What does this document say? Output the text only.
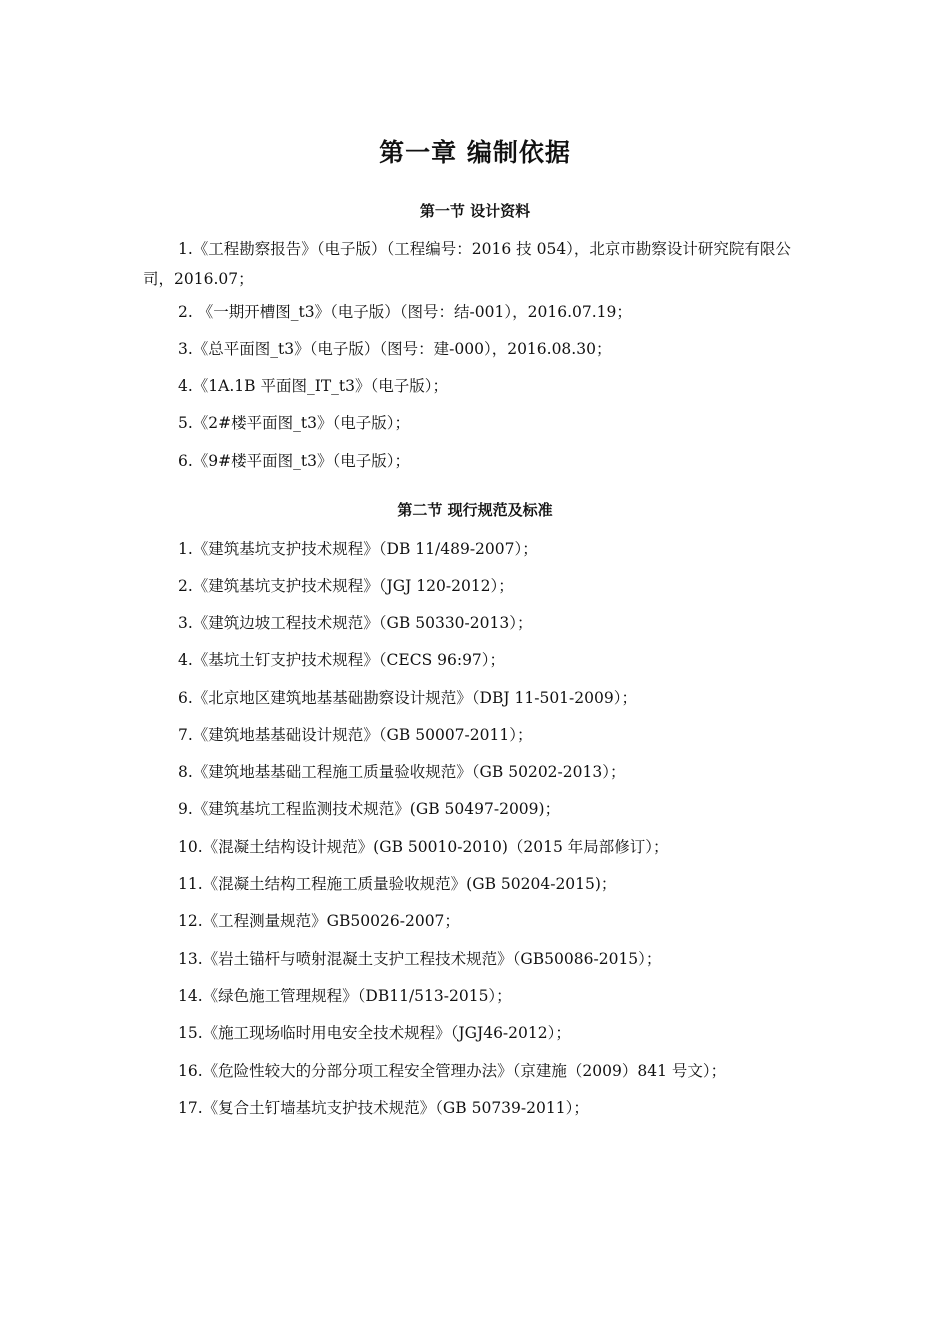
第一章 编制依据
第一节 设计资料

1.《工程勘察报告》（电子版）（工程编号：2016 技 054），北京市勘察设计研究院有限公司，2016.07；

2. 《一期开槽图_t3》（电子版）（图号：结-001），2016.07.19；

3.《总平面图_t3》（电子版）（图号：建-000），2016.08.30；

4.《1A.1B 平面图_IT_t3》（电子版）；

5.《2#楼平面图_t3》（电子版）；

6.《9#楼平面图_t3》（电子版）；

第二节 现行规范及标准

1.《建筑基坑支护技术规程》（DB 11/489-2007）；

2.《建筑基坑支护技术规程》（JGJ 120-2012）；

3.《建筑边坡工程技术规范》（GB 50330-2013）；

4.《基坑土钉支护技术规程》（CECS 96:97）；

6.《北京地区建筑地基基础勘察设计规范》（DBJ 11-501-2009）；

7.《建筑地基基础设计规范》（GB 50007-2011）；

8.《建筑地基基础工程施工质量验收规范》（GB 50202-2013）；

9.《建筑基坑工程监测技术规范》(GB 50497-2009)；

10.《混凝土结构设计规范》(GB 50010-2010)（2015 年局部修订）；

11.《混凝土结构工程施工质量验收规范》(GB 50204-2015)；

12.《工程测量规范》GB50026-2007；

13.《岩土锚杆与喷射混凝土支护工程技术规范》（GB50086-2015）；

14.《绿色施工管理规程》（DB11/513-2015）；

15.《施工现场临时用电安全技术规程》（JGJ46-2012）；

16.《危险性较大的分部分项工程安全管理办法》（京建施（2009）841 号文）；

17.《复合土钉墙基坑支护技术规范》（GB 50739-2011）；
